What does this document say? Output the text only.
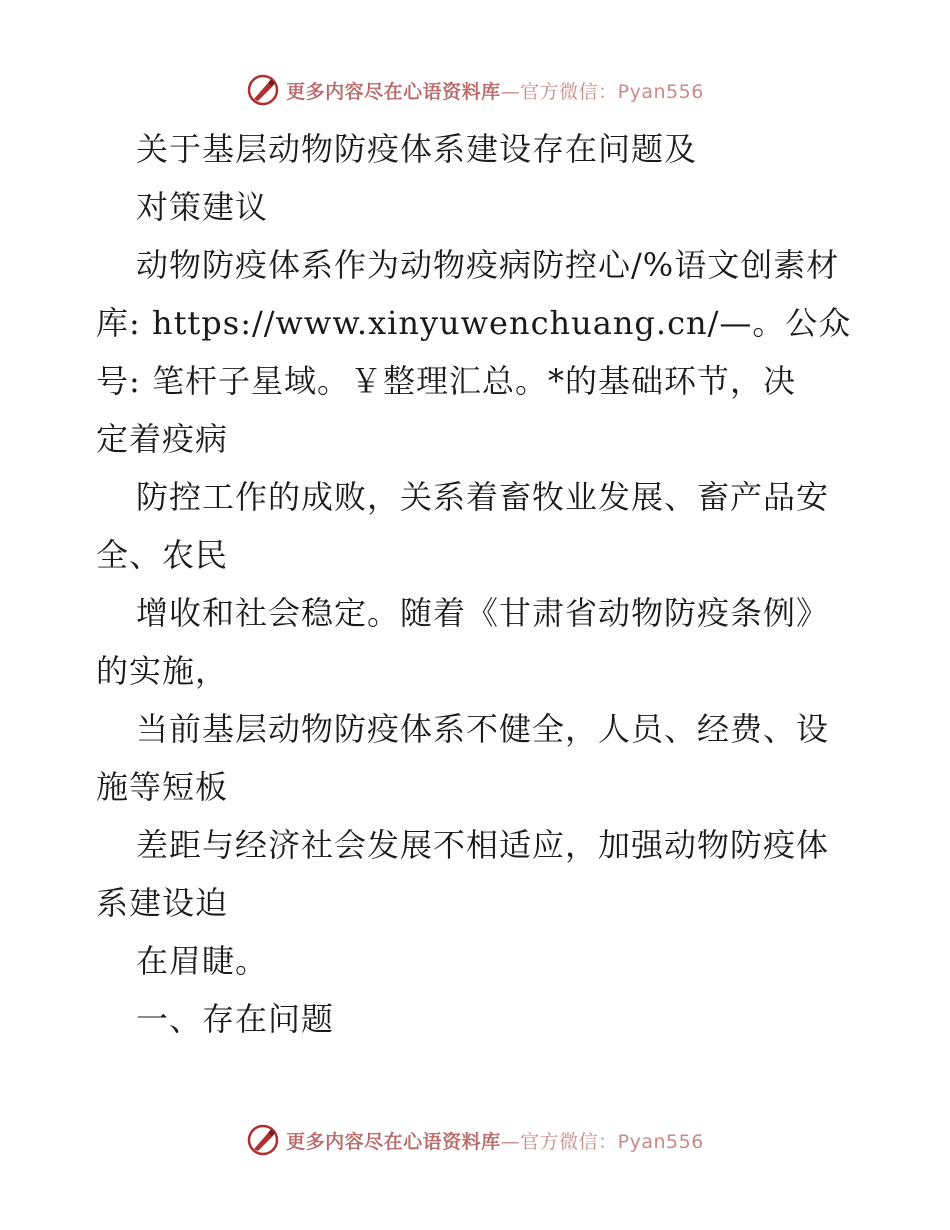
更多内容尽在心语资料库—官方微信：Pyan556
关于基层动物防疫体系建设存在问题及
对策建议
动物防疫体系作为动物疫病防控心/%语文创素材
库: https://www.xinyuwenchuang.cn/—。公众
号: 笔杆子星域。￥整理汇总。*的基础环节，决
定着疫病
防控工作的成败，关系着畜牧业发展、畜产品安
全、农民
增收和社会稳定。随着《甘肃省动物防疫条例》
的实施，
当前基层动物防疫体系不健全，人员、经费、设
施等短板
差距与经济社会发展不相适应，加强动物防疫体
系建设迫
在眉睫。
一、存在问题
更多内容尽在心语资料库—官方微信：Pyan556
